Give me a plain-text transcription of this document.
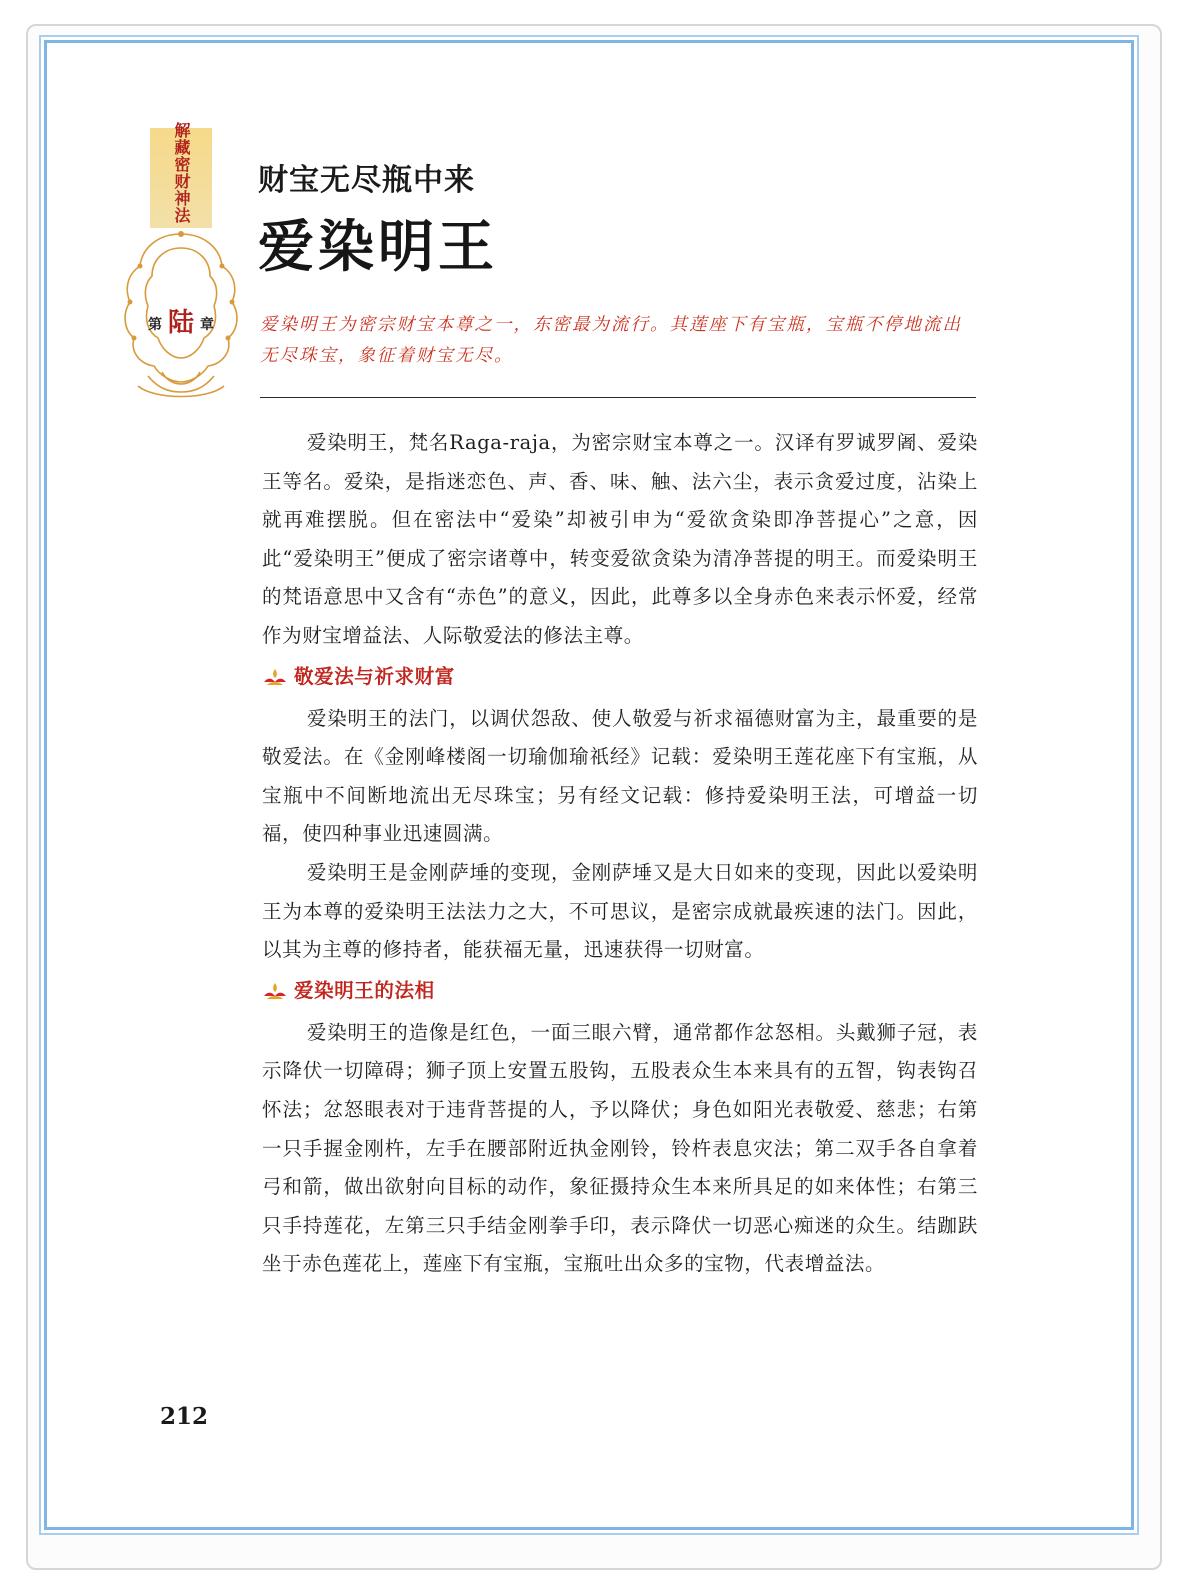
解藏密财神法
第 陆 章
财宝无尽瓶中来
爱染明王
爱染明王为密宗财宝本尊之一，东密最为流行。其莲座下有宝瓶，宝瓶不停地流出无尽珠宝，象征着财宝无尽。

爱染明王，梵名Raga-raja，为密宗财宝本尊之一。汉译有罗诚罗阇、爱染王等名。爱染，是指迷恋色、声、香、味、触、法六尘，表示贪爱过度，沾染上就再难摆脱。但在密法中“爱染”却被引申为“爱欲贪染即净菩提心”之意，因此“爱染明王”便成了密宗诸尊中，转变爱欲贪染为清净菩提的明王。而爱染明王的梵语意思中又含有“赤色”的意义，因此，此尊多以全身赤色来表示怀爱，经常作为财宝增益法、人际敬爱法的修法主尊。

敬爱法与祈求财富

爱染明王的法门，以调伏怨敌、使人敬爱与祈求福德财富为主，最重要的是敬爱法。在《金刚峰楼阁一切瑜伽瑜祇经》记载：爱染明王莲花座下有宝瓶，从宝瓶中不间断地流出无尽珠宝；另有经文记载：修持爱染明王法，可增益一切福，使四种事业迅速圆满。

爱染明王是金刚萨埵的变现，金刚萨埵又是大日如来的变现，因此以爱染明王为本尊的爱染明王法法力之大，不可思议，是密宗成就最疾速的法门。因此，以其为主尊的修持者，能获福无量，迅速获得一切财富。

爱染明王的法相

爱染明王的造像是红色，一面三眼六臂，通常都作忿怒相。头戴狮子冠，表示降伏一切障碍；狮子顶上安置五股钩，五股表众生本来具有的五智，钩表钩召怀法；忿怒眼表对于违背菩提的人，予以降伏；身色如阳光表敬爱、慈悲；右第一只手握金刚杵，左手在腰部附近执金刚铃，铃杵表息灾法；第二双手各自拿着弓和箭，做出欲射向目标的动作，象征摄持众生本来所具足的如来体性；右第三只手持莲花，左第三只手结金刚拳手印，表示降伏一切恶心痴迷的众生。结跏趺坐于赤色莲花上，莲座下有宝瓶，宝瓶吐出众多的宝物，代表增益法。

212
